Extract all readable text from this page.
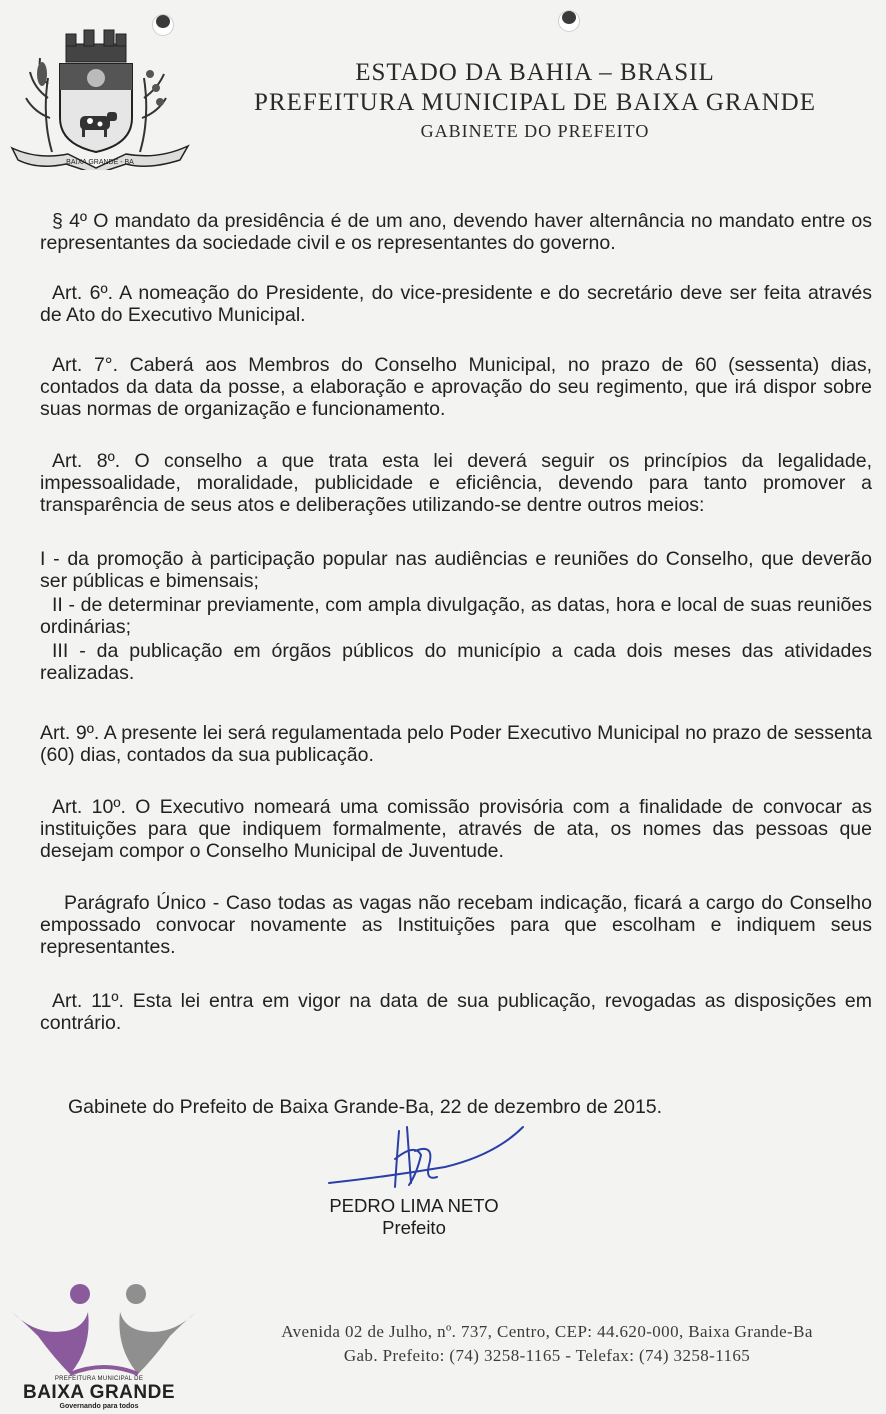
BAIXA GRANDE - BA
ESTADO DA BAHIA – BRASIL
PREFEITURA MUNICIPAL DE BAIXA GRANDE
GABINETE DO PREFEITO
§ 4º O mandato da presidência é de um ano, devendo haver alternância no mandato entre os representantes da sociedade civil e os representantes do governo.
Art. 6º. A nomeação do Presidente, do vice-presidente e do secretário deve ser feita através de Ato do Executivo Municipal.
Art. 7°. Caberá aos Membros do Conselho Municipal, no prazo de 60 (sessenta) dias, contados da data da posse, a elaboração e aprovação do seu regimento, que irá dispor sobre suas normas de organização e funcionamento.
Art. 8º. O conselho a que trata esta lei deverá seguir os princípios da legalidade, impessoalidade, moralidade, publicidade e eficiência, devendo para tanto promover a transparência de seus atos e deliberações utilizando-se dentre outros meios:
I - da promoção à participação popular nas audiências e reuniões do Conselho, que deverão ser públicas e bimensais;
II - de determinar previamente, com ampla divulgação, as datas, hora e local de suas reuniões ordinárias;
III - da publicação em órgãos públicos do município a cada dois meses das atividades realizadas.
Art. 9º. A presente lei será regulamentada pelo Poder Executivo Municipal no prazo de sessenta (60) dias, contados da sua publicação.
Art. 10º. O Executivo nomeará uma comissão provisória com a finalidade de convocar as instituições para que indiquem formalmente, através de ata, os nomes das pessoas que desejam compor o Conselho Municipal de Juventude.
Parágrafo Único - Caso todas as vagas não recebam indicação, ficará a cargo do Conselho empossado convocar novamente as Instituições para que escolham e indiquem seus representantes.
Art. 11º. Esta lei entra em vigor na data de sua publicação, revogadas as disposições em contrário.
Gabinete do Prefeito de Baixa Grande-Ba, 22 de dezembro de 2015.
PEDRO LIMA NETO
Prefeito
PREFEITURA MUNICIPAL DE
BAIXA GRANDE
Governando para todos
Avenida 02 de Julho, nº. 737, Centro, CEP: 44.620-000, Baixa Grande-Ba
Gab. Prefeito: (74) 3258-1165 - Telefax: (74) 3258-1165
